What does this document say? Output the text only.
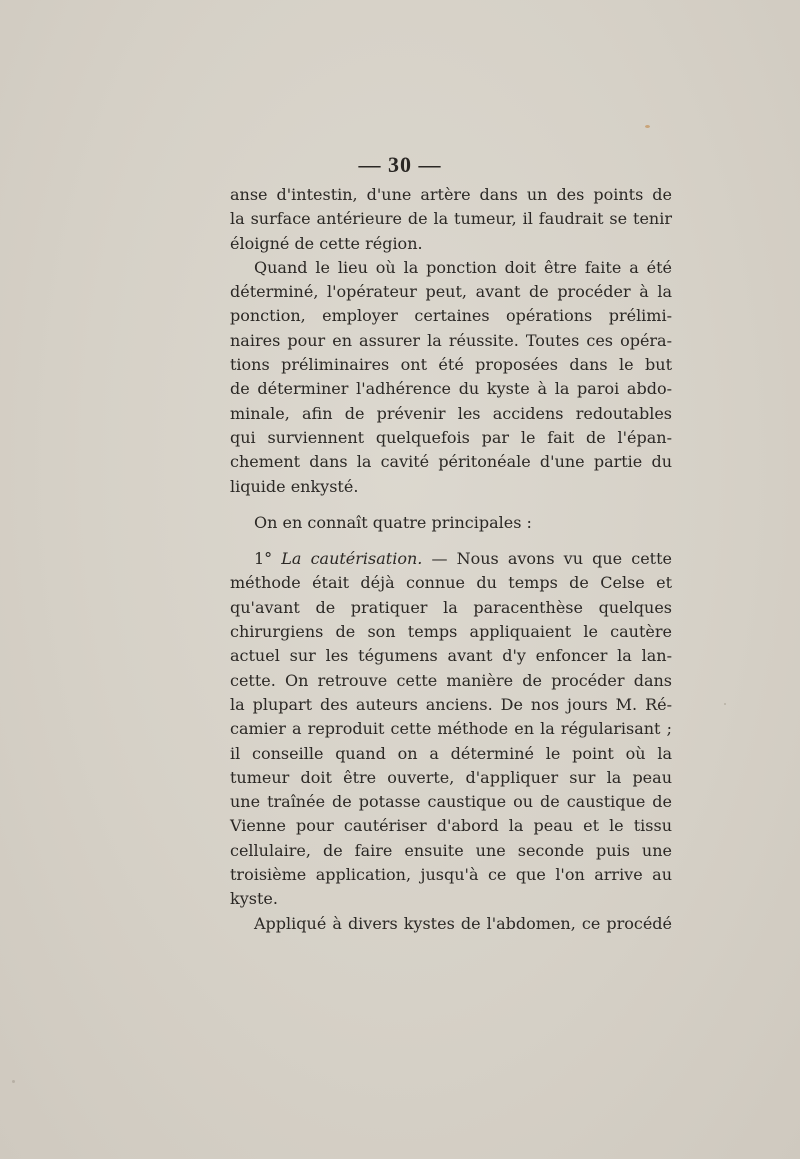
— 30 —
anse d'intestin, d'une artère dans un des points de
la surface antérieure de la tumeur, il faudrait se tenir
éloigné de cette région.
Quand le lieu où la ponction doit être faite a été
déterminé, l'opérateur peut, avant de procéder à la
ponction, employer certaines opérations prélimi-
naires pour en assurer la réussite. Toutes ces opéra-
tions préliminaires ont été proposées dans le but
de déterminer l'adhérence du kyste à la paroi abdo-
minale, afin de prévenir les accidens redoutables
qui surviennent quelquefois par le fait de l'épan-
chement dans la cavité péritonéale d'une partie du
liquide enkysté.
On en connaît quatre principales :
1° La cautérisation. — Nous avons vu que cette
méthode était déjà connue du temps de Celse et
qu'avant de pratiquer la paracenthèse quelques
chirurgiens de son temps appliquaient le cautère
actuel sur les tégumens avant d'y enfoncer la lan-
cette. On retrouve cette manière de procéder dans
la plupart des auteurs anciens. De nos jours M. Ré-
camier a reproduit cette méthode en la régularisant ;
il conseille quand on a déterminé le point où la
tumeur doit être ouverte, d'appliquer sur la peau
une traînée de potasse caustique ou de caustique de
Vienne pour cautériser d'abord la peau et le tissu
cellulaire, de faire ensuite une seconde puis une
troisième application, jusqu'à ce que l'on arrive au
kyste.
Appliqué à divers kystes de l'abdomen, ce procédé
